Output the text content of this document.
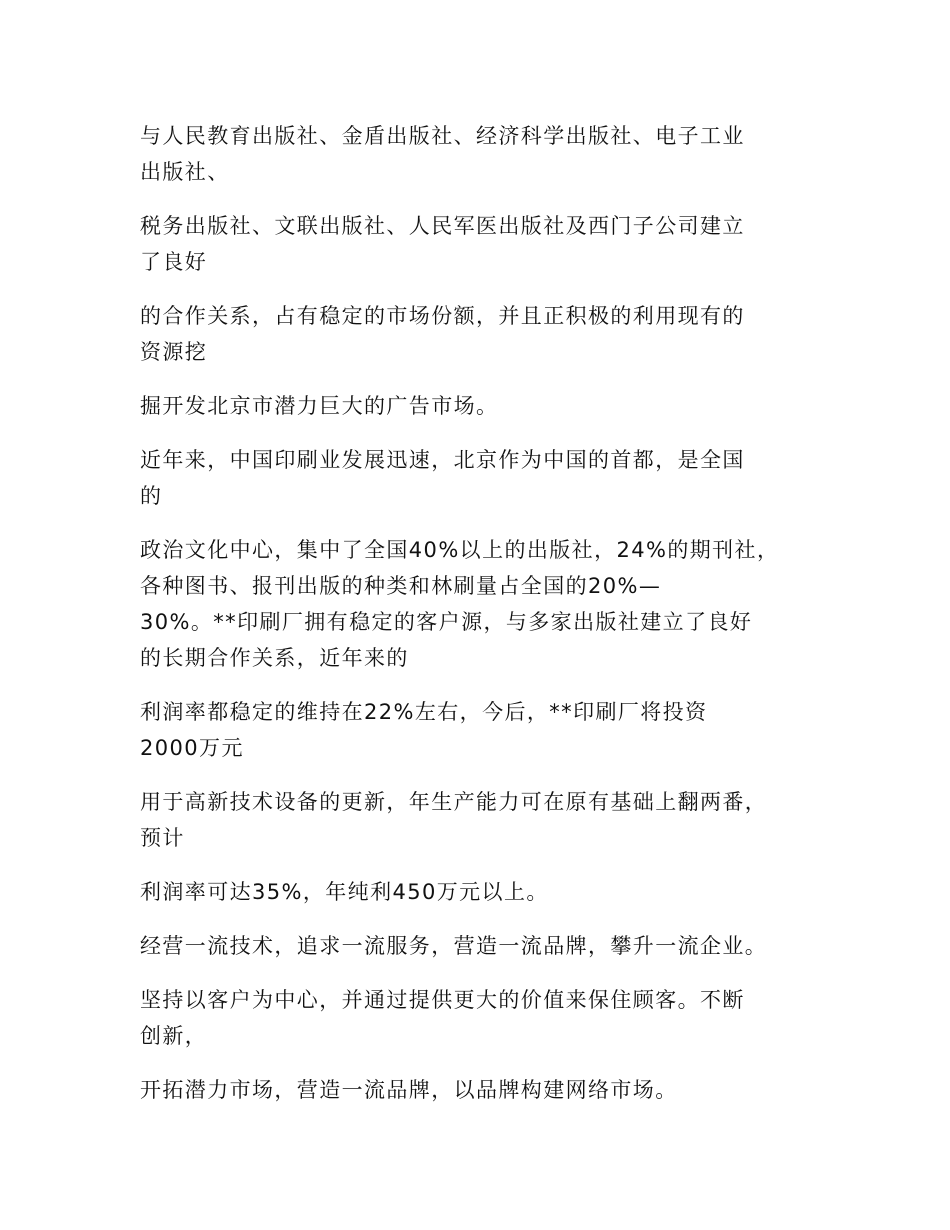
与人民教育出版社、金盾出版社、经济科学出版社、电子工业
出版社、

税务出版社、文联出版社、人民军医出版社及西门子公司建立
了良好

的合作关系，占有稳定的市场份额，并且正积极的利用现有的
资源挖

掘开发北京市潜力巨大的广告市场。

近年来，中国印刷业发展迅速，北京作为中国的首都，是全国
的

政治文化中心，集中了全国40%以上的出版社，24%的期刊社，
各种图书、报刊出版的种类和林刷量占全国的20%—
30%。**印刷厂拥有稳定的客户源，与多家出版社建立了良好
的长期合作关系，近年来的

利润率都稳定的维持在22%左右，今后，**印刷厂将投资
2000万元

用于高新技术设备的更新，年生产能力可在原有基础上翻两番，
预计

利润率可达35%，年纯利450万元以上。

经营一流技术，追求一流服务，营造一流品牌，攀升一流企业。

坚持以客户为中心，并通过提供更大的价值来保住顾客。不断
创新，

开拓潜力市场，营造一流品牌，以品牌构建网络市场。
